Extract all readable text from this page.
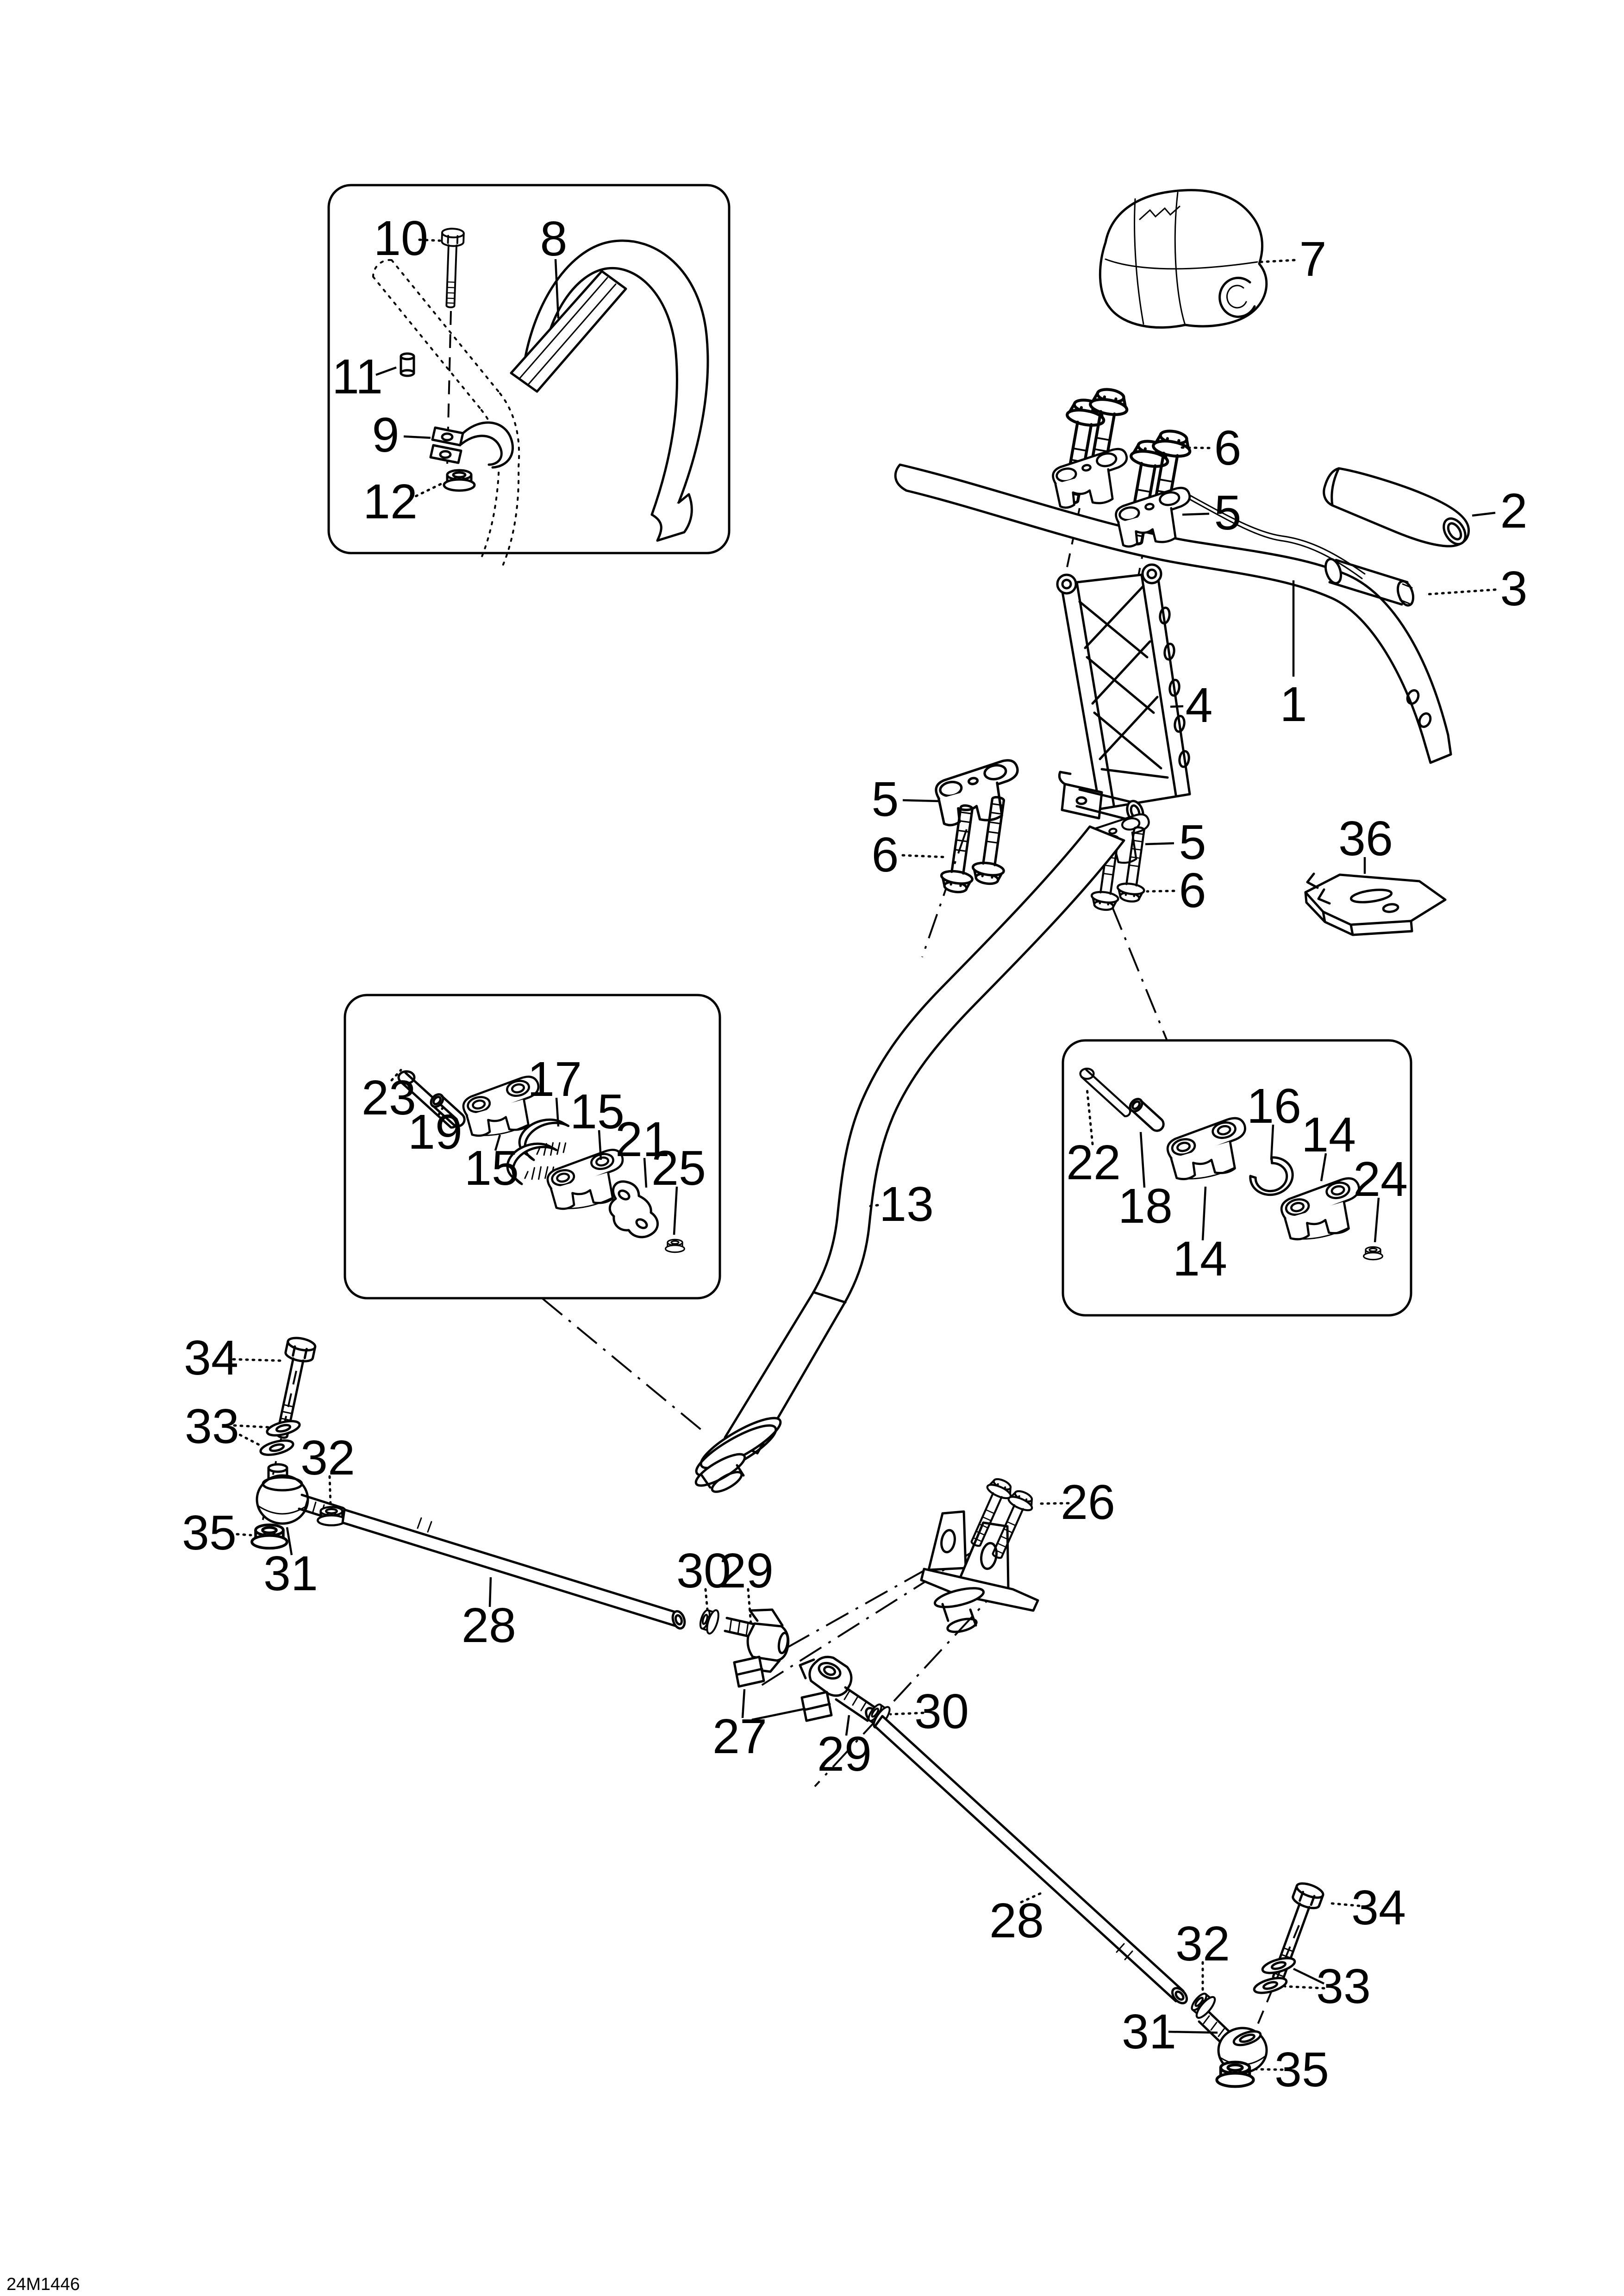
10 8
11
9
12
7
6
5	2
3
4 1
5
6	5
6
36
23
19
15
17
15
21
25	22
18
14
16
14
24
13
34
33
32
35
31
28
30
29
26
27 29
30
28	34
32
33
31
35
24M1446
